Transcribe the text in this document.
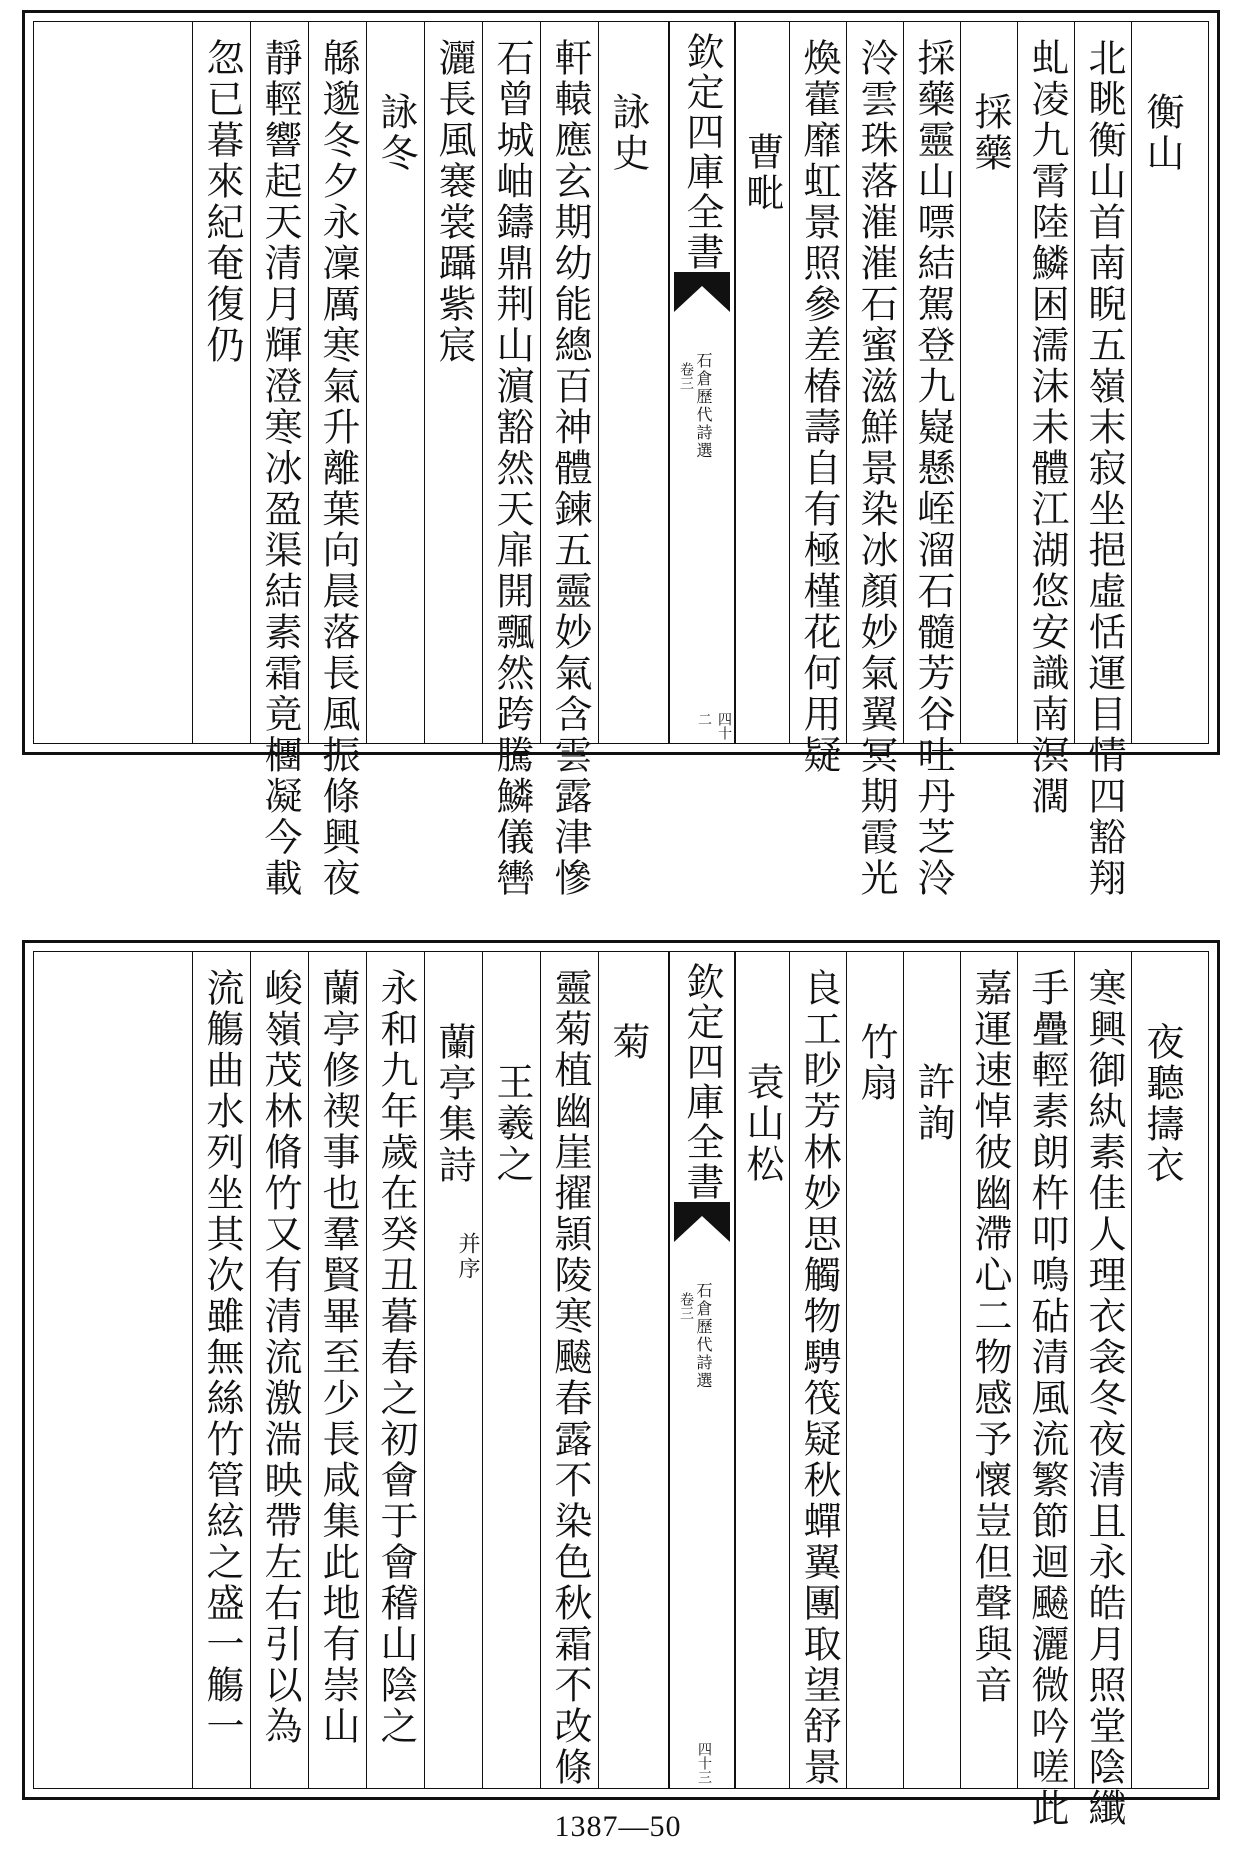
衡山
北眺衡山首南睨五嶺末寂坐挹虛恬運目情四豁翔
虬凌九霄陸鱗困濡沫未體江湖悠安識南溟濶
採藥
採藥靈山嘌結駕登九嶷懸峌溜石髓芳谷吐丹芝泠
泠雲珠落漼漼石蜜滋鮮景染冰顏妙氣翼冥期霞光
煥藿靡虹景照參差椿壽自有極槿花何用疑
曹毗
欽定四庫全書
石倉歷代詩選
卷三
四十二
詠史
軒轅應玄期幼能總百神體鍊五靈妙氣含雲露津慘
石曾城岫鑄鼎荆山濵豁然天扉開飄然跨騰鱗儀轡
灑長風褰裳躡紫宸
詠冬
緜邈冬夕永凜厲寒氣升離葉向晨落長風振條興夜
靜輕響起天清月輝澄寒冰盈渠結素霜竟檲凝今載
忽已暮來紀奄復仍
夜聽擣衣
寒興御紈素佳人理衣衾冬夜清且永皓月照堂陰纖
手疊輕素朗杵叩鳴砧清風流繁節迴飇灑微吟嗟此
嘉運速悼彼幽滯心二物感予懷豈但聲與音
許詢
竹扇
良工眇芳林妙思觸物騁筏疑秋蟬翼團取望舒景
袁山松
欽定四庫全書
石倉歷代詩選
卷三
四十三
菊
靈菊植幽崖擢頴陵寒飇春露不染色秋霜不改條
王羲之
蘭亭集詩
并序
永和九年歲在癸丑暮春之初會于會稽山陰之
蘭亭修禊事也羣賢畢至少長咸集此地有崇山
峻嶺茂林脩竹又有清流激湍映帶左右引以為
流觴曲水列坐其次雖無絲竹管絃之盛一觴一
1387—50
